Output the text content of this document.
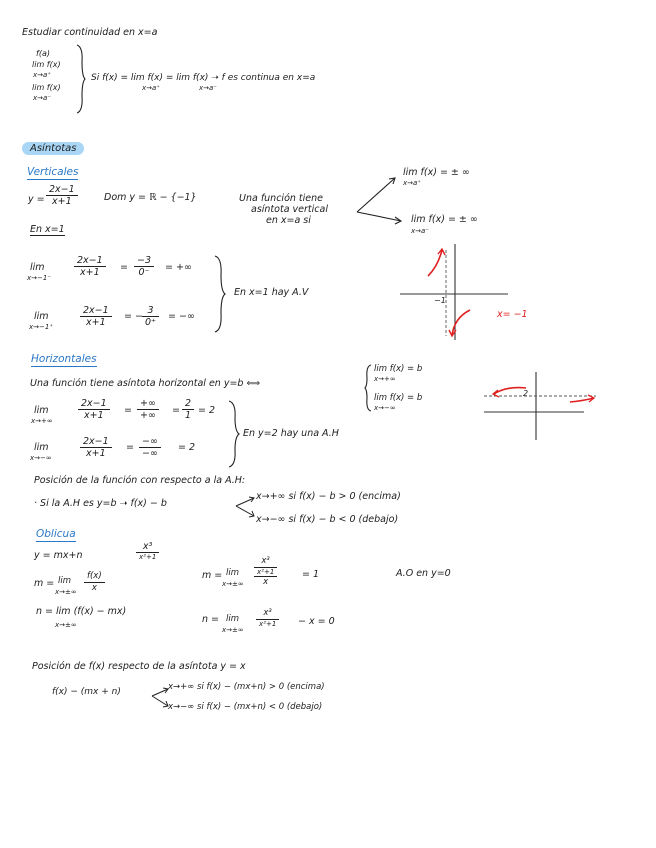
Estudiar continuidad en x=a
f(a)
lim f(x)
x→a⁺
lim f(x)
x→a⁻
Si f(x) = lim f(x) = lim f(x) ➝ f es continua en x=a
x→a⁺	x→a⁻
Asíntotas
Verticales
$y = \frac{2x-1}{x+1}$	Dom y = ℝ − {−1}	Una función tiene
asíntota vertical
en x=a si
lim f(x) = ± ∞
x→a⁺
lim f(x) = ± ∞
x→a⁻
En x=1
lim
$x\to-1^- \frac{2x-1}{x+1} = \frac{-3}{0^-}$ = +∞
lim
x→−1⁺	$\frac{2x-1}{x+1}$ = − $\frac{3}{0^+}$ = −∞
En x=1 hay A.V
−1
x= −1
Horizontales
Una función tiene asíntota horizontal en y=b ⟺
lim f(x) = b
x→+∞
lim f(x) = b
x→−∞
2
lim
x→+∞	$\frac{2x-1}{x+1}$ =
+∞
+∞	= $\frac{2}{1} = 2$
lim
x→−∞	$\frac{2x-1}{x+1}$ =
−∞
−∞
= 2
En y=2 hay una A.H
Posición de la función con respecto a la A.H:
· Si la A.H es y=b ➝ f(x) − b
x→+∞ si f(x) − b > 0 (encima)
x→−∞ si f(x) − b < 0 (debajo)
Oblicua
y = mx+n
x³
x²+1
m = lim
$x\to\pm\infty \frac{f(x)}{x}$	m = lim
x→±∞
x³
x²+1
x
= 1	A.O en y=0
n = lim (f(x) − mx)
x→±∞	n = lim
x→±∞
x³
x²+1	− x = 0
Posición de f(x) respecto de la asíntota y = x
f(x) − (mx + n)	x→+∞ si f(x) − (mx+n) > 0 (encima)
x→−∞ si f(x) − (mx+n) < 0 (debajo)
